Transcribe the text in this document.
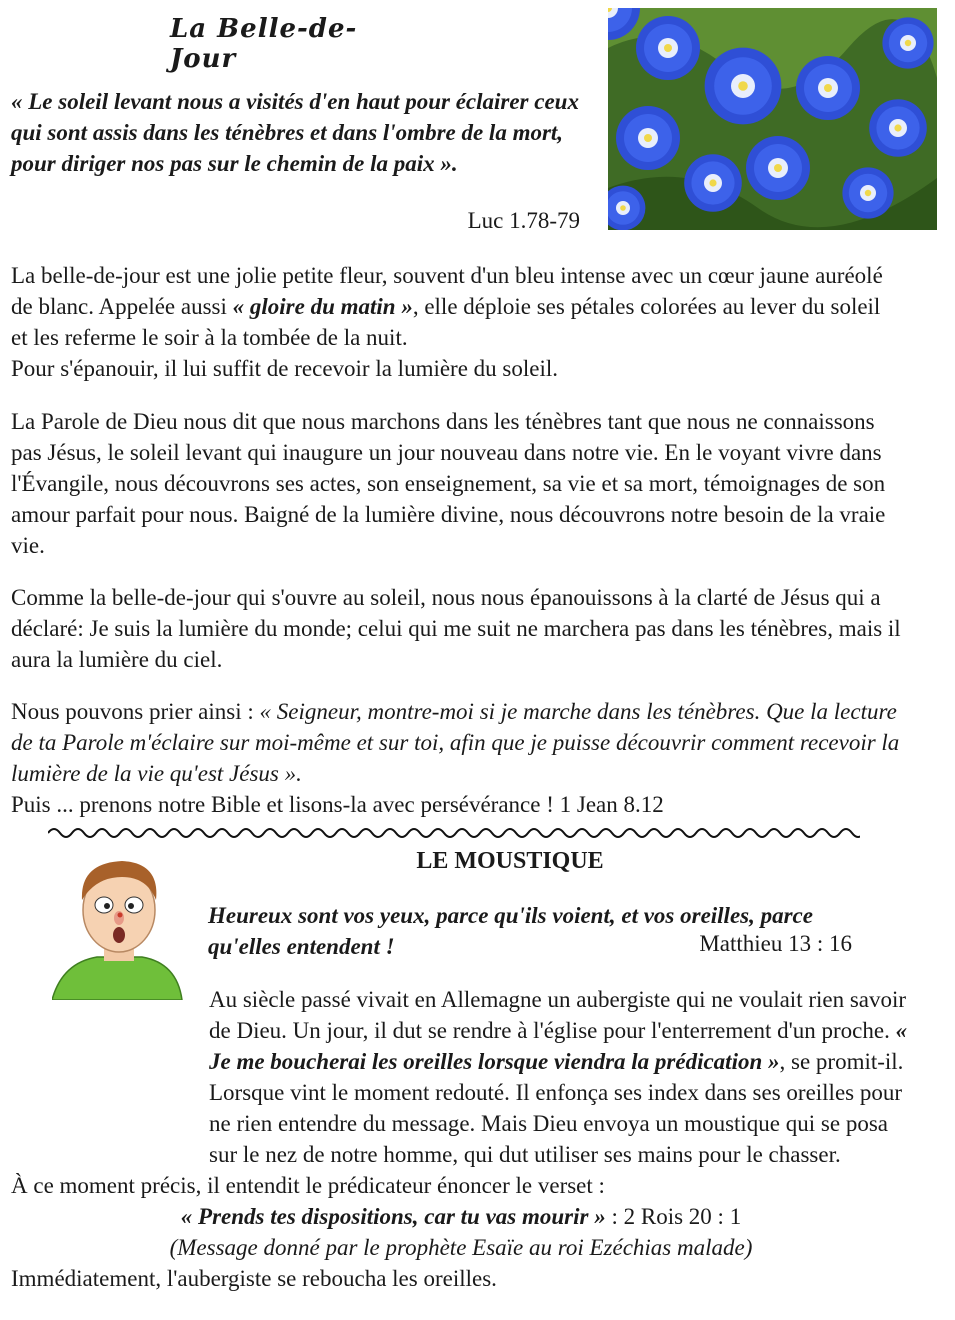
La Belle-de-Jour
« Le soleil levant nous a visités d'en haut pour éclairer ceux qui sont assis dans les ténèbres et dans l'ombre de la mort, pour diriger nos pas sur le chemin de la paix ».
Luc 1.78-79

La belle-de-jour est une jolie petite fleur, souvent d'un bleu intense avec un cœur jaune auréolé de blanc. Appelée aussi « gloire du matin », elle déploie ses pétales colorées au lever du soleil et les referme le soir à la tombée de la nuit.

Pour s'épanouir, il lui suffit de recevoir la lumière du soleil.

La Parole de Dieu nous dit que nous marchons dans les ténèbres tant que nous ne connaissons pas Jésus, le soleil levant qui inaugure un jour nouveau dans notre vie. En le voyant vivre dans l'Évangile, nous découvrons ses actes, son enseignement, sa vie et sa mort, témoignages de son amour parfait pour nous. Baigné de la lumière divine, nous découvrons notre besoin de la vraie vie.

Comme la belle-de-jour qui s'ouvre au soleil, nous nous épanouissons à la clarté de Jésus qui a déclaré: Je suis la lumière du monde; celui qui me suit ne marchera pas dans les ténèbres, mais il aura la lumière du ciel.

Nous pouvons prier ainsi : « Seigneur, montre-moi si je marche dans les ténèbres. Que la lecture de ta Parole m'éclaire sur moi-même et sur toi, afin que je puisse découvrir comment recevoir la lumière de la vie qu'est Jésus ».

Puis ... prenons notre Bible et lisons-la avec persévérance ! 1 Jean 8.12

LE MOUSTIQUE
Heureux sont vos yeux, parce qu'ils voient, et vos oreilles, parce qu'elles entendent !	Matthieu 13 : 16

Au siècle passé vivait en Allemagne un aubergiste qui ne voulait rien savoir de Dieu. Un jour, il dut se rendre à l'église pour l'enterrement d'un proche. « Je me boucherai les oreilles lorsque viendra la prédication », se promit-il. Lorsque vint le moment redouté. Il enfonça ses index dans ses oreilles pour ne rien entendre du message. Mais Dieu envoya un moustique qui se posa sur le nez de notre homme, qui dut utiliser ses mains pour le chasser.

À ce moment précis, il entendit le prédicateur énoncer le verset :

« Prends tes dispositions, car tu vas mourir » : 2 Rois 20 : 1

(Message donné par le prophète Esaïe au roi Ezéchias malade)

Immédiatement, l'aubergiste se reboucha les oreilles.
